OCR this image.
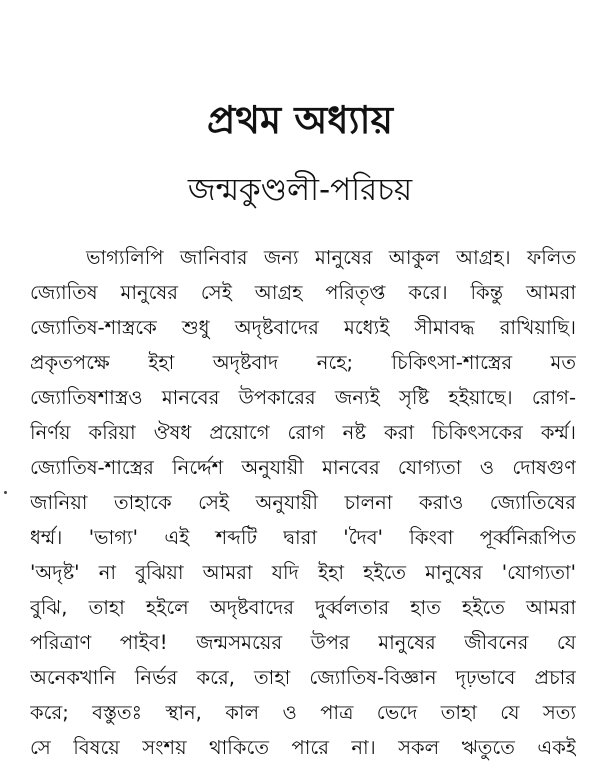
প্রথম অধ্যায়
জন্মকুণ্ডলী-পরিচয়
ভাগ্যলিপি জানিবার জন্য মানুষের আকুল আগ্রহ। ফলিত
জ্যোতিষ মানুষের সেই আগ্রহ পরিতৃপ্ত করে। কিন্তু আমরা
জ্যোতিষ-শাস্ত্রকে শুধু অদৃষ্টবাদের মধ্যেই সীমাবদ্ধ রাখিয়াছি।
প্রকৃতপক্ষে ইহা অদৃষ্টবাদ নহে; চিকিৎসা-শাস্ত্রের মত
জ্যোতিষশাস্ত্রও মানবের উপকারের জন্যই সৃষ্টি হইয়াছে। রোগ-
নির্ণয় করিয়া ঔষধ প্রয়োগে রোগ নষ্ট করা চিকিৎসকের কর্ম্ম।
জ্যোতিষ-শাস্ত্রের নির্দ্দেশ অনুযায়ী মানবের যোগ্যতা ও দোষগুণ
জানিয়া তাহাকে সেই অনুযায়ী চালনা করাও জ্যোতিষের
ধর্ম্ম। 'ভাগ্য' এই শব্দটি দ্বারা 'দৈব' কিংবা পূর্ব্বনিরূপিত
'অদৃষ্ট' না বুঝিয়া আমরা যদি ইহা হইতে মানুষের 'যোগ্যতা'
বুঝি, তাহা হইলে অদৃষ্টবাদের দুর্ব্বলতার হাত হইতে আমরা
পরিত্রাণ পাইব! জন্মসময়ের উপর মানুষের জীবনের যে
অনেকখানি নির্ভর করে, তাহা জ্যোতিষ-বিজ্ঞান দৃঢ়ভাবে প্রচার
করে; বস্তুতঃ স্থান, কাল ও পাত্র ভেদে তাহা যে সত্য
সে বিষয়ে সংশয় থাকিতে পারে না। সকল ঋতুতে একই
